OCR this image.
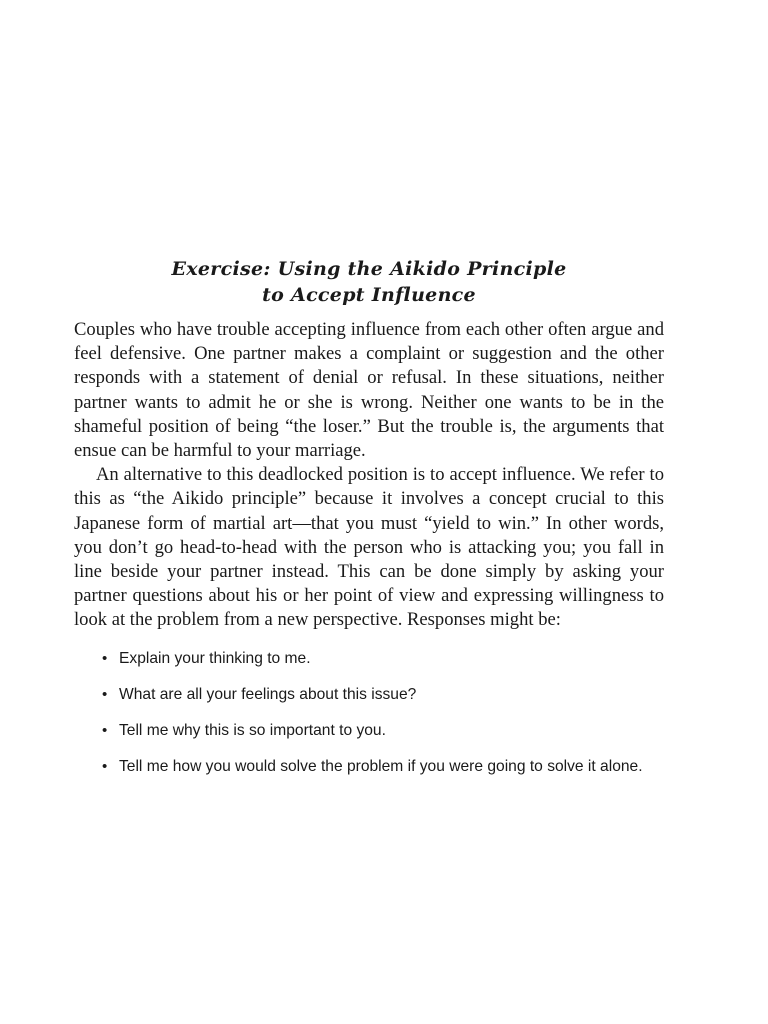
Exercise: Using the Aikido Principle
to Accept Influence

Couples who have trouble accepting influence from each other often argue and feel defensive. One partner makes a complaint or suggestion and the other responds with a statement of denial or refusal. In these situations, neither partner wants to admit he or she is wrong. Neither one wants to be in the shameful position of being “the loser.” But the trouble is, the arguments that ensue can be harmful to your marriage.

An alternative to this deadlocked position is to accept influence. We refer to this as “the Aikido principle” because it involves a concept crucial to this Japanese form of martial art—that you must “yield to win.” In other words, you don’t go head-to-head with the person who is attacking you; you fall in line beside your partner instead. This can be done simply by asking your partner questions about his or her point of view and expressing willingness to look at the problem from a new perspective. Responses might be:

• Explain your thinking to me.
• What are all your feelings about this issue?
• Tell me why this is so important to you.
• Tell me how you would solve the problem if you were going to solve it alone.
